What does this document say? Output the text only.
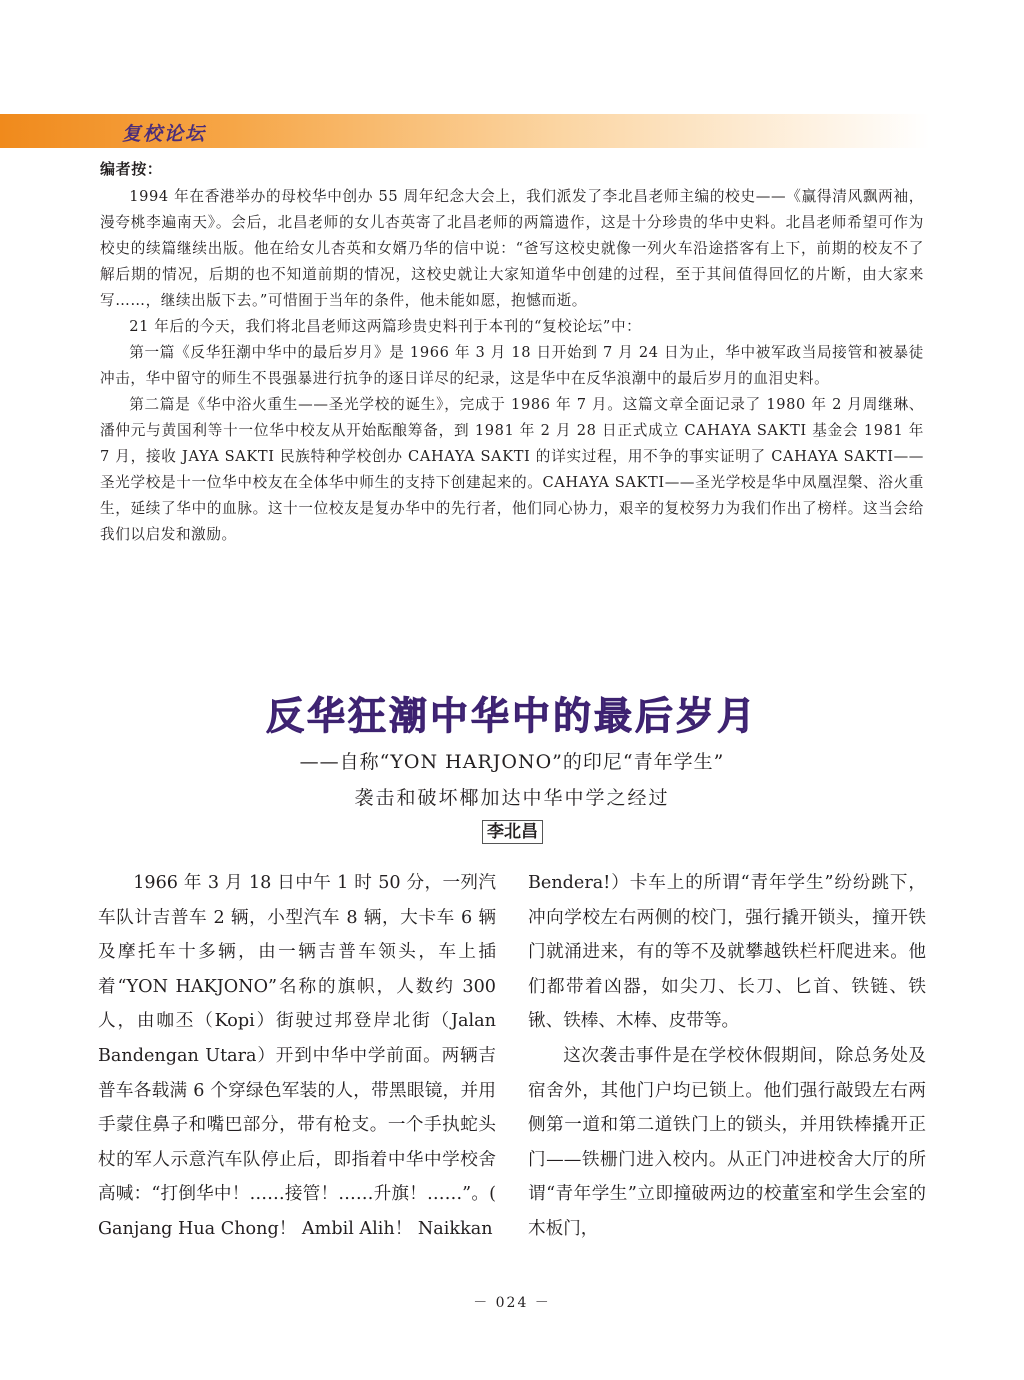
复校论坛
编者按：

1994 年在香港举办的母校华中创办 55 周年纪念大会上，我们派发了李北昌老师主编的校史——《赢得清风飘两袖，漫夸桃李遍南天》。会后，北昌老师的女儿杏英寄了北昌老师的两篇遗作，这是十分珍贵的华中史料。北昌老师希望可作为校史的续篇继续出版。他在给女儿杏英和女婿乃华的信中说：“爸写这校史就像一列火车沿途搭客有上下，前期的校友不了解后期的情况，后期的也不知道前期的情况，这校史就让大家知道华中创建的过程，至于其间值得回忆的片断，由大家来写……，继续出版下去。”可惜囿于当年的条件，他未能如愿，抱憾而逝。

21 年后的今天，我们将北昌老师这两篇珍贵史料刊于本刊的“复校论坛”中：

第一篇《反华狂潮中华中的最后岁月》是 1966 年 3 月 18 日开始到 7 月 24 日为止，华中被军政当局接管和被暴徒冲击，华中留守的师生不畏强暴进行抗争的逐日详尽的纪录，这是华中在反华浪潮中的最后岁月的血泪史料。

第二篇是《华中浴火重生——圣光学校的诞生》，完成于 1986 年 7 月。这篇文章全面记录了 1980 年 2 月周继琳、潘仲元与黄国利等十一位华中校友从开始酝酿筹备，到 1981 年 2 月 28 日正式成立 CAHAYA SAKTI 基金会 1981 年 7 月，接收 JAYA SAKTI 民族特种学校创办 CAHAYA SAKTI 的详实过程，用不争的事实证明了 CAHAYA SAKTI——圣光学校是十一位华中校友在全体华中师生的支持下创建起来的。CAHAYA SAKTI——圣光学校是华中凤凰涅槃、浴火重生，延续了华中的血脉。这十一位校友是复办华中的先行者，他们同心协力，艰辛的复校努力为我们作出了榜样。这当会给我们以启发和激励。

反华狂潮中华中的最后岁月
——自称“YON HARJONO”的印尼“青年学生”
袭击和破坏椰加达中华中学之经过
李北昌

1966 年 3 月 18 日中午 1 时 50 分，一列汽车队计吉普车 2 辆，小型汽车 8 辆，大卡车 6 辆及摩托车十多辆，由一辆吉普车领头，车上插着“YON HAKJONO”名称的旗帜，人数约 300 人，由咖丕（Kopi）街驶过邦登岸北街（Jalan Bandengan Utara）开到中华中学前面。两辆吉普车各载满 6 个穿绿色军装的人，带黑眼镜，并用手蒙住鼻子和嘴巴部分，带有枪支。一个手执蛇头杖的军人示意汽车队停止后，即指着中华中学校舍高喊：“打倒华中！……接管！……升旗！……”。( Ganjang Hua Chong！ Ambil Alih！ Naikkan

Bendera!）卡车上的所谓“青年学生”纷纷跳下，冲向学校左右两侧的校门，强行撬开锁头，撞开铁门就涌进来，有的等不及就攀越铁栏杆爬进来。他们都带着凶器，如尖刀、长刀、匕首、铁链、铁锹、铁棒、木棒、皮带等。

这次袭击事件是在学校休假期间，除总务处及宿舍外，其他门户均已锁上。他们强行敲毁左右两侧第一道和第二道铁门上的锁头，并用铁棒撬开正门——铁栅门进入校内。从正门冲进校舍大厅的所谓“青年学生”立即撞破两边的校董室和学生会室的木板门，

－ 024 －
